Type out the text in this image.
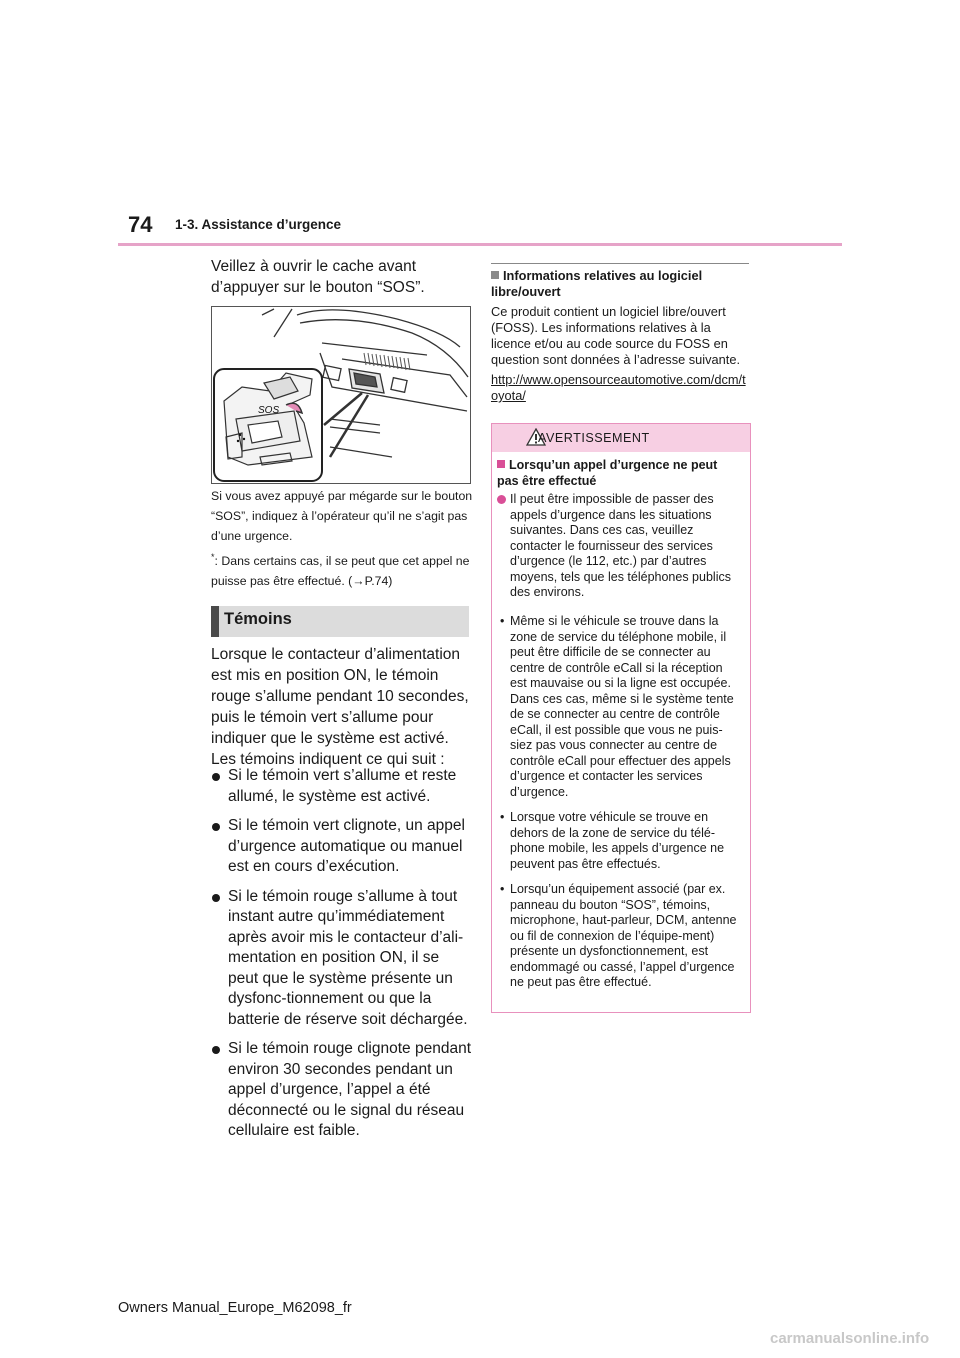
74 1-3. Assistance d’urgence
Veillez à ouvrir le cache avant d’appuyer sur le bouton “SOS”.
SOS
Si vous avez appuyé par mégarde sur le bouton “SOS”, indiquez à l’opérateur qu’il ne s’agit pas d’une urgence.
*: Dans certains cas, il se peut que cet appel ne puisse pas être effectué. (→P.74)
Témoins
Lorsque le contacteur d’alimentation est mis en position ON, le témoin rouge s’allume pendant 10 secondes, puis le témoin vert s’allume pour indiquer que le système est activé. Les témoins indiquent ce qui suit :
Si le témoin vert s’allume et reste allumé, le système est activé.
Si le témoin vert clignote, un appel d’urgence automatique ou manuel est en cours d’exécution.
Si le témoin rouge s’allume à tout instant autre qu’immédiatement après avoir mis le contacteur d’ali-mentation en position ON, il se peut que le système présente un dysfonc-tionnement ou que la batterie de réserve soit déchargée.
Si le témoin rouge clignote pendant environ 30 secondes pendant un appel d’urgence, l’appel a été déconnecté ou le signal du réseau cellulaire est faible.
Informations relatives au logiciel libre/ouvert
Ce produit contient un logiciel libre/ouvert (FOSS). Les informations relatives à la licence et/ou au code source du FOSS en question sont données à l’adresse suivante.
http://www.opensourceautomotive.com/dcm/toyota/
AVERTISSEMENT
Lorsqu’un appel d’urgence ne peut pas être effectué
Il peut être impossible de passer des appels d’urgence dans les situations suivantes. Dans ces cas, veuillez contacter le fournisseur des services d’urgence (le 112, etc.) par d’autres moyens, tels que les téléphones publics des environs.
• Même si le véhicule se trouve dans la zone de service du téléphone mobile, il peut être difficile de se connecter au centre de contrôle eCall si la réception est mauvaise ou si la ligne est occupée. Dans ces cas, même si le système tente de se connecter au centre de contrôle eCall, il est possible que vous ne puis-siez pas vous connecter au centre de contrôle eCall pour effectuer des appels d’urgence et contacter les services d’urgence.
• Lorsque votre véhicule se trouve en dehors de la zone de service du télé-phone mobile, les appels d’urgence ne peuvent pas être effectués.
• Lorsqu’un équipement associé (par ex. panneau du bouton “SOS”, témoins, microphone, haut-parleur, DCM, antenne ou fil de connexion de l’équipe-ment) présente un dysfonctionnement, est endommagé ou cassé, l’appel d’urgence ne peut pas être effectué.
Owners Manual_Europe_M62098_fr
carmanualsonline.info
